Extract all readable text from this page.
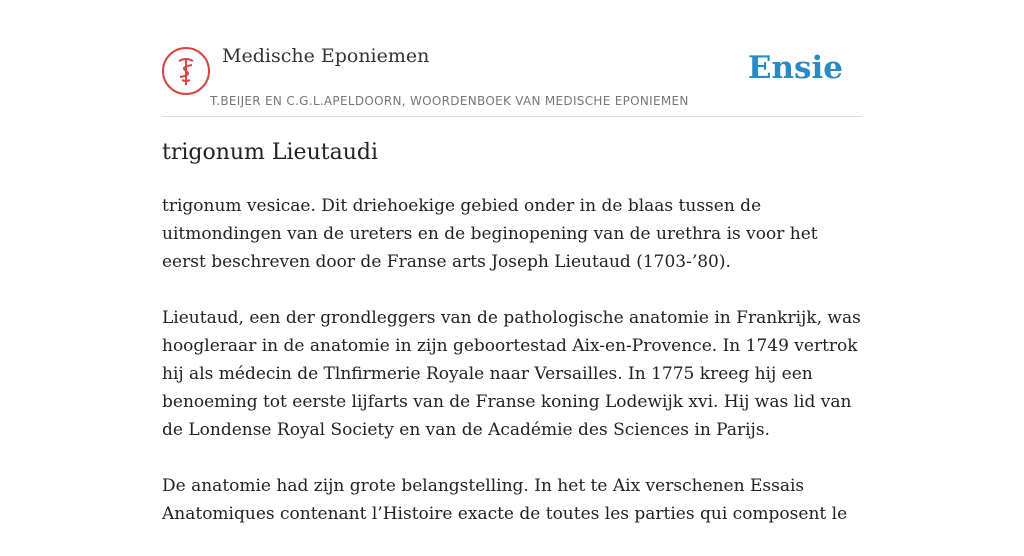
Medische Eponiemen
T.BEIJER EN C.G.L.APELDOORN, WOORDENBOEK VAN MEDISCHE EPONIEMEN
Ensie
trigonum Lieutaudi

trigonum vesicae. Dit driehoekige gebied onder in de blaas tussen de uitmondingen van de ureters en de beginopening van de urethra is voor het eerst beschreven door de Franse arts Joseph Lieutaud (1703-’80).

Lieutaud, een der grondleggers van de pathologische anatomie in Frankrijk, was hoogleraar in de anatomie in zijn geboortestad Aix-en-Provence. In 1749 vertrok hij als médecin de Tlnfirmerie Royale naar Versailles. In 1775 kreeg hij een benoeming tot eerste lijfarts van de Franse koning Lodewijk xvi. Hij was lid van de Londense Royal Society en van de Académie des Sciences in Parijs.

De anatomie had zijn grote belangstelling. In het te Aix verschenen Essais Anatomiques contenant l’Histoire exacte de toutes les parties qui composent le
